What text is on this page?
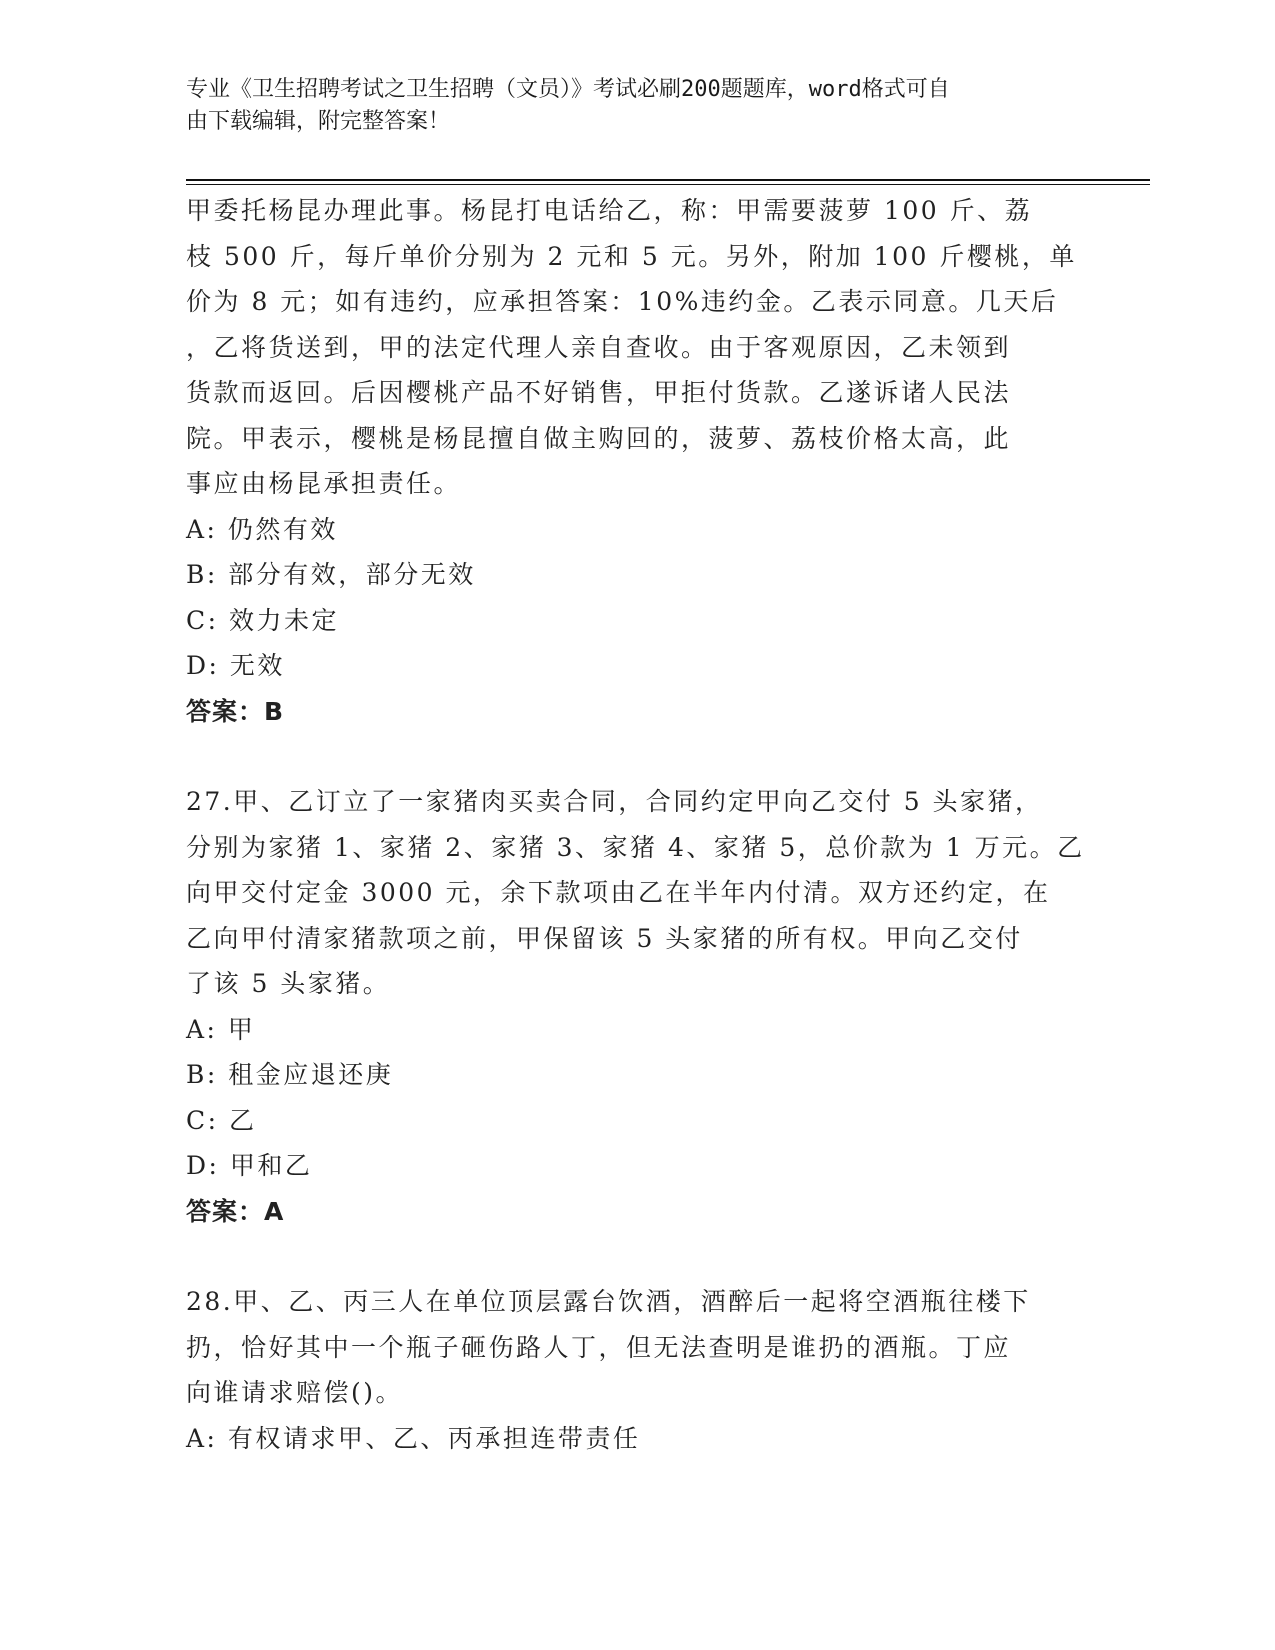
专业《卫生招聘考试之卫生招聘（文员）》考试必刷200题题库，word格式可自
由下载编辑，附完整答案！

甲委托杨昆办理此事。杨昆打电话给乙，称：甲需要菠萝 100 斤、荔
枝 500 斤，每斤单价分别为 2 元和 5 元。另外，附加 100 斤樱桃，单
价为 8 元；如有违约，应承担答案：10%违约金。乙表示同意。几天后
，乙将货送到，甲的法定代理人亲自查收。由于客观原因，乙未领到
货款而返回。后因樱桃产品不好销售，甲拒付货款。乙遂诉诸人民法
院。甲表示，樱桃是杨昆擅自做主购回的，菠萝、荔枝价格太高，此
事应由杨昆承担责任。

A: 仍然有效

B: 部分有效，部分无效

C: 效力未定

D: 无效

答案：B

27.甲、乙订立了一家猪肉买卖合同，合同约定甲向乙交付 5 头家猪，
分别为家猪 1、家猪 2、家猪 3、家猪 4、家猪 5，总价款为 1 万元。乙
向甲交付定金 3000 元，余下款项由乙在半年内付清。双方还约定，在
乙向甲付清家猪款项之前，甲保留该 5 头家猪的所有权。甲向乙交付
了该 5 头家猪。

A: 甲

B: 租金应退还庚

C: 乙

D: 甲和乙

答案：A

28.甲、乙、丙三人在单位顶层露台饮酒，酒醉后一起将空酒瓶往楼下
扔，恰好其中一个瓶子砸伤路人丁，但无法查明是谁扔的酒瓶。丁应
向谁请求赔偿()。

A: 有权请求甲、乙、丙承担连带责任
